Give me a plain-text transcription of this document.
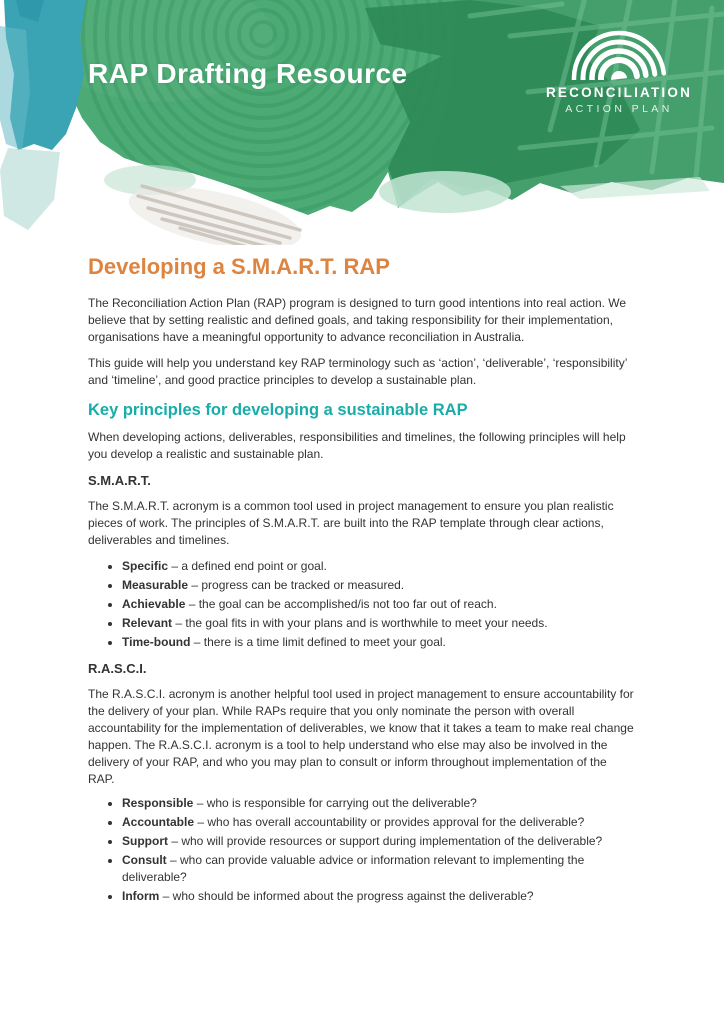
RAP Drafting Resource
RECONCILIATION
ACTION PLAN
Developing a S.M.A.R.T. RAP

The Reconciliation Action Plan (RAP) program is designed to turn good intentions into real action. We believe that by setting realistic and defined goals, and taking responsibility for their implementation, organisations have a meaningful opportunity to advance reconciliation in Australia.

This guide will help you understand key RAP terminology such as ‘action’, ‘deliverable’, ‘responsibility’ and ‘timeline’, and good practice principles to develop a sustainable plan.

Key principles for developing a sustainable RAP

When developing actions, deliverables, responsibilities and timelines, the following principles will help you develop a realistic and sustainable plan.

S.M.A.R.T.

The S.M.A.R.T. acronym is a common tool used in project management to ensure you plan realistic pieces of work. The principles of S.M.A.R.T. are built into the RAP template through clear actions, deliverables and timelines.

• Specific – a defined end point or goal.
• Measurable – progress can be tracked or measured.
• Achievable – the goal can be accomplished/is not too far out of reach.
• Relevant – the goal fits in with your plans and is worthwhile to meet your needs.
• Time-bound – there is a time limit defined to meet your goal.
R.A.S.C.I.

The R.A.S.C.I. acronym is another helpful tool used in project management to ensure accountability for the delivery of your plan. While RAPs require that you only nominate the person with overall accountability for the implementation of deliverables, we know that it takes a team to make real change happen. The R.A.S.C.I. acronym is a tool to help understand who else may also be involved in the delivery of your RAP, and who you may plan to consult or inform throughout implementation of the RAP.

• Responsible – who is responsible for carrying out the deliverable?
• Accountable – who has overall accountability or provides approval for the deliverable?
• Support – who will provide resources or support during implementation of the deliverable?
• Consult – who can provide valuable advice or information relevant to implementing the deliverable?
• Inform – who should be informed about the progress against the deliverable?
